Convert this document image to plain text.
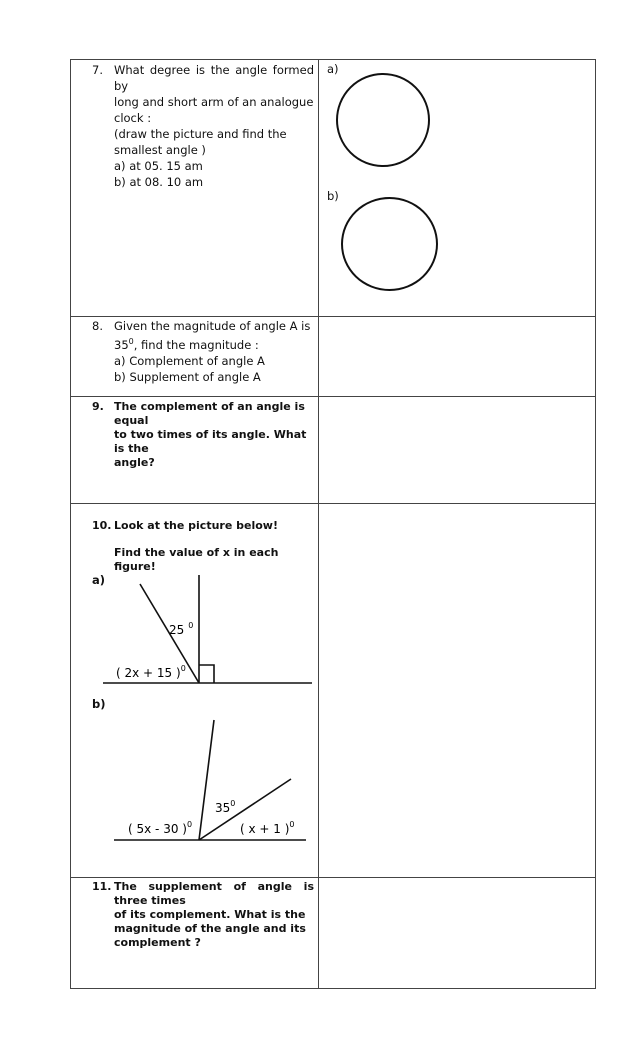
7. What degree is the angle formed by
long and short arm of an analogue
clock :
(draw the picture and find the
smallest angle )
a) at 05. 15 am
b) at 08. 10 am
a)
b)
8. Given the magnitude of angle A is
$35^0$, find the magnitude :
a) Complement of angle A
b) Supplement of angle A
9. The complement of an angle is equal
to two times of its angle. What is the
angle?
10. Look at the picture below!
Find the value of x in each figure!
a)
b)
25 $^0$
( 2x + 15 )$^0$
$35^0$
( 5x - 30 )$^0$	( x + 1 )$^0$
11. The supplement of angle is three times
of its complement. What is the
magnitude of the angle and its
complement ?
